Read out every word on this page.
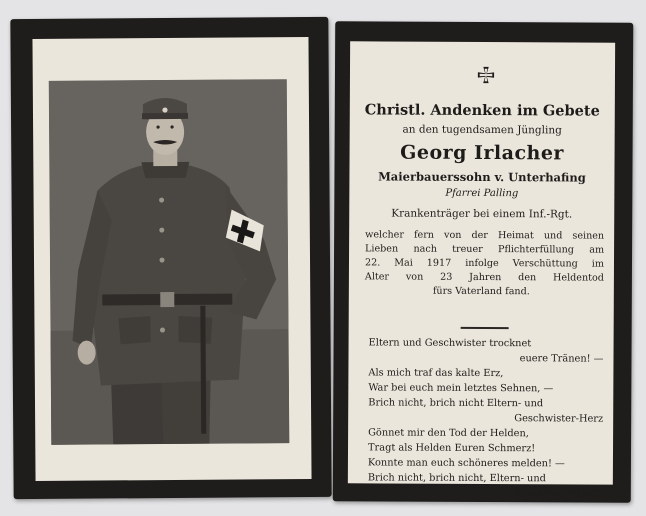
Christl. Andenken im Gebete
an den tugendsamen Jüngling
Georg Irlacher
Maierbauerssohn v. Unterhafing
Pfarrei Palling
Krankenträger bei einem Inf.-Rgt.
welcher fern von der Heimat und seinen
Lieben nach treuer Pflichterfüllung am
22. Mai 1917 infolge Verschüttung im
Alter von 23 Jahren den Heldentod
fürs Vaterland fand.
Eltern und Geschwister trocknet
euere Tränen! —
Als mich traf das kalte Erz,
War bei euch mein letztes Sehnen, —
Brich nicht, brich nicht Eltern- und
Geschwister-Herz
Gönnet mir den Tod der Helden,
Tragt als Helden Euren Schmerz!
Konnte man euch schöneres melden! —
Brich nicht, brich nicht, Eltern- und
Geschwister-Herz.
